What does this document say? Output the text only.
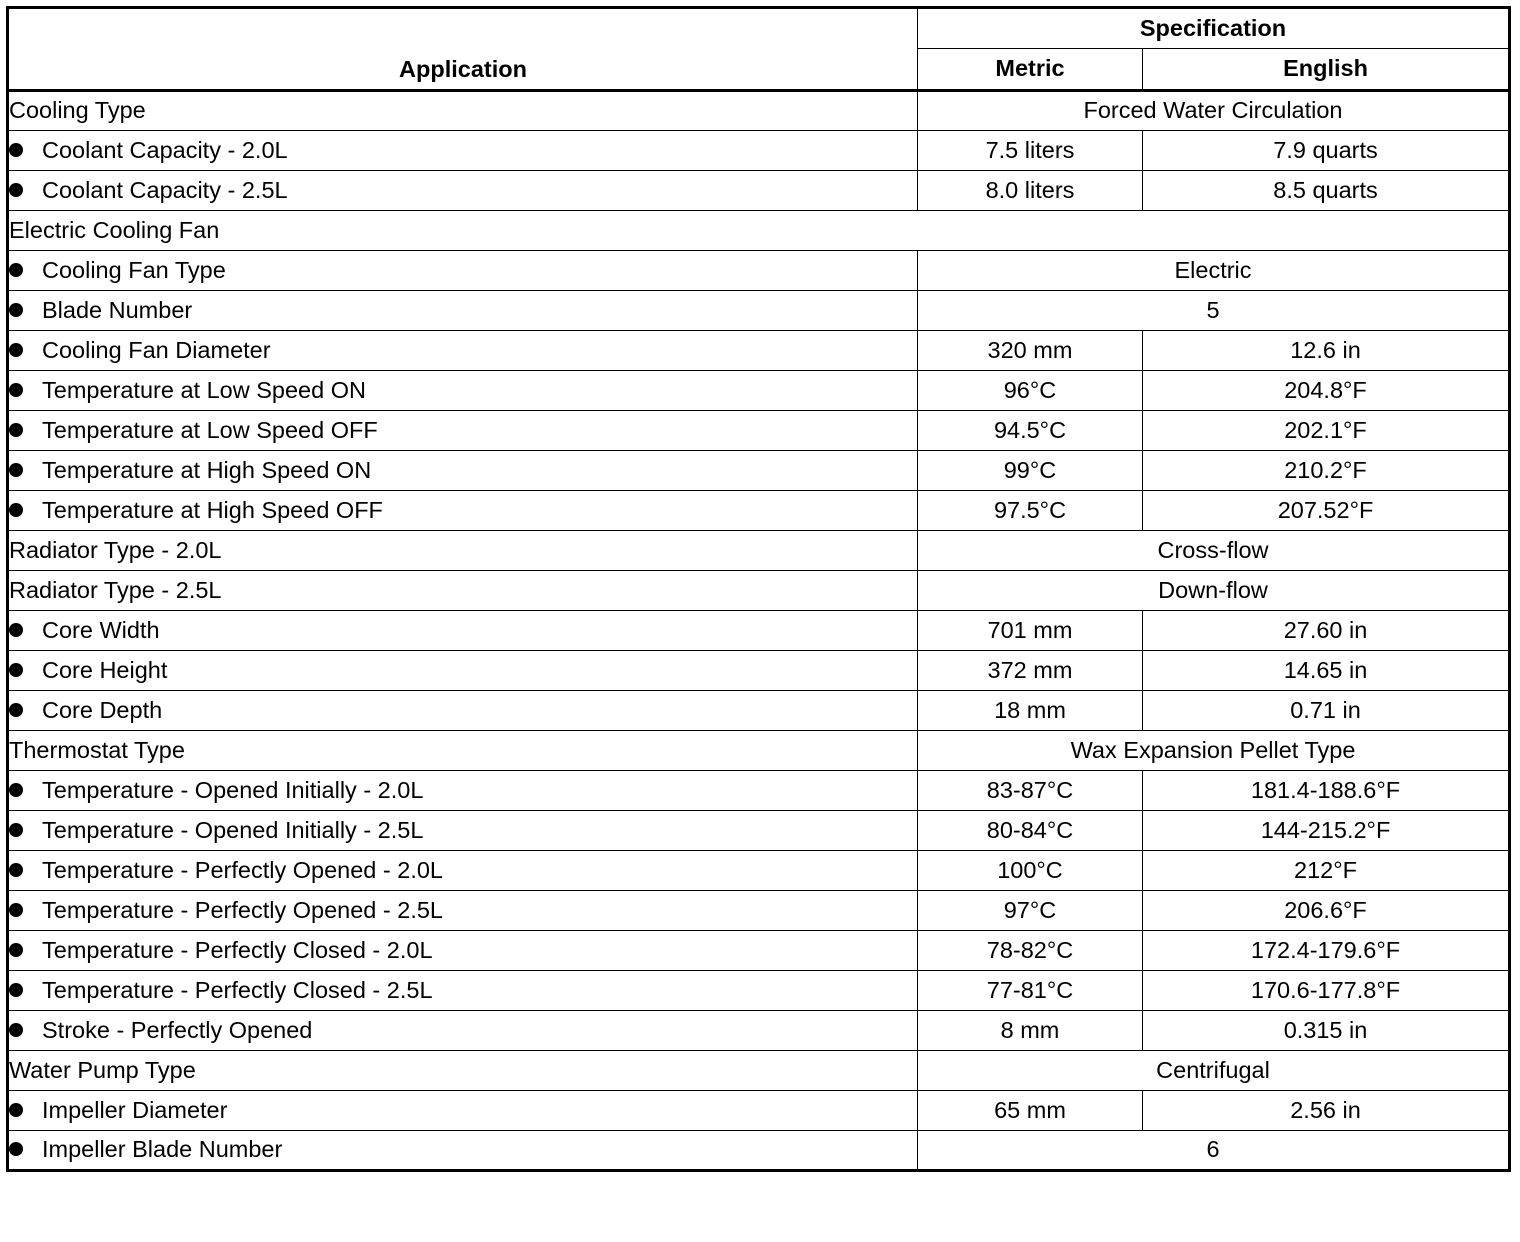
Application	Specification	
	Metric	English
Cooling Type	Forced Water Circulation	
Coolant Capacity - 2.0L	7.5 liters	7.9 quarts
Coolant Capacity - 2.5L	8.0 liters	8.5 quarts
Electric Cooling Fan		
Cooling Fan Type	Electric	
Blade Number	5	
Cooling Fan Diameter	320 mm	12.6 in
Temperature at Low Speed ON	96°C	204.8°F
Temperature at Low Speed OFF	94.5°C	202.1°F
Temperature at High Speed ON	99°C	210.2°F
Temperature at High Speed OFF	97.5°C	207.52°F
Radiator Type - 2.0L	Cross-flow	
Radiator Type - 2.5L	Down-flow	
Core Width	701 mm	27.60 in
Core Height	372 mm	14.65 in
Core Depth	18 mm	0.71 in
Thermostat Type	Wax Expansion Pellet Type	
Temperature - Opened Initially - 2.0L	83-87°C	181.4-188.6°F
Temperature - Opened Initially - 2.5L	80-84°C	144-215.2°F
Temperature - Perfectly Opened - 2.0L	100°C	212°F
Temperature - Perfectly Opened - 2.5L	97°C	206.6°F
Temperature - Perfectly Closed - 2.0L	78-82°C	172.4-179.6°F
Temperature - Perfectly Closed - 2.5L	77-81°C	170.6-177.8°F
Stroke - Perfectly Opened	8 mm	0.315 in
Water Pump Type	Centrifugal	
Impeller Diameter	65 mm	2.56 in
Impeller Blade Number	6	
